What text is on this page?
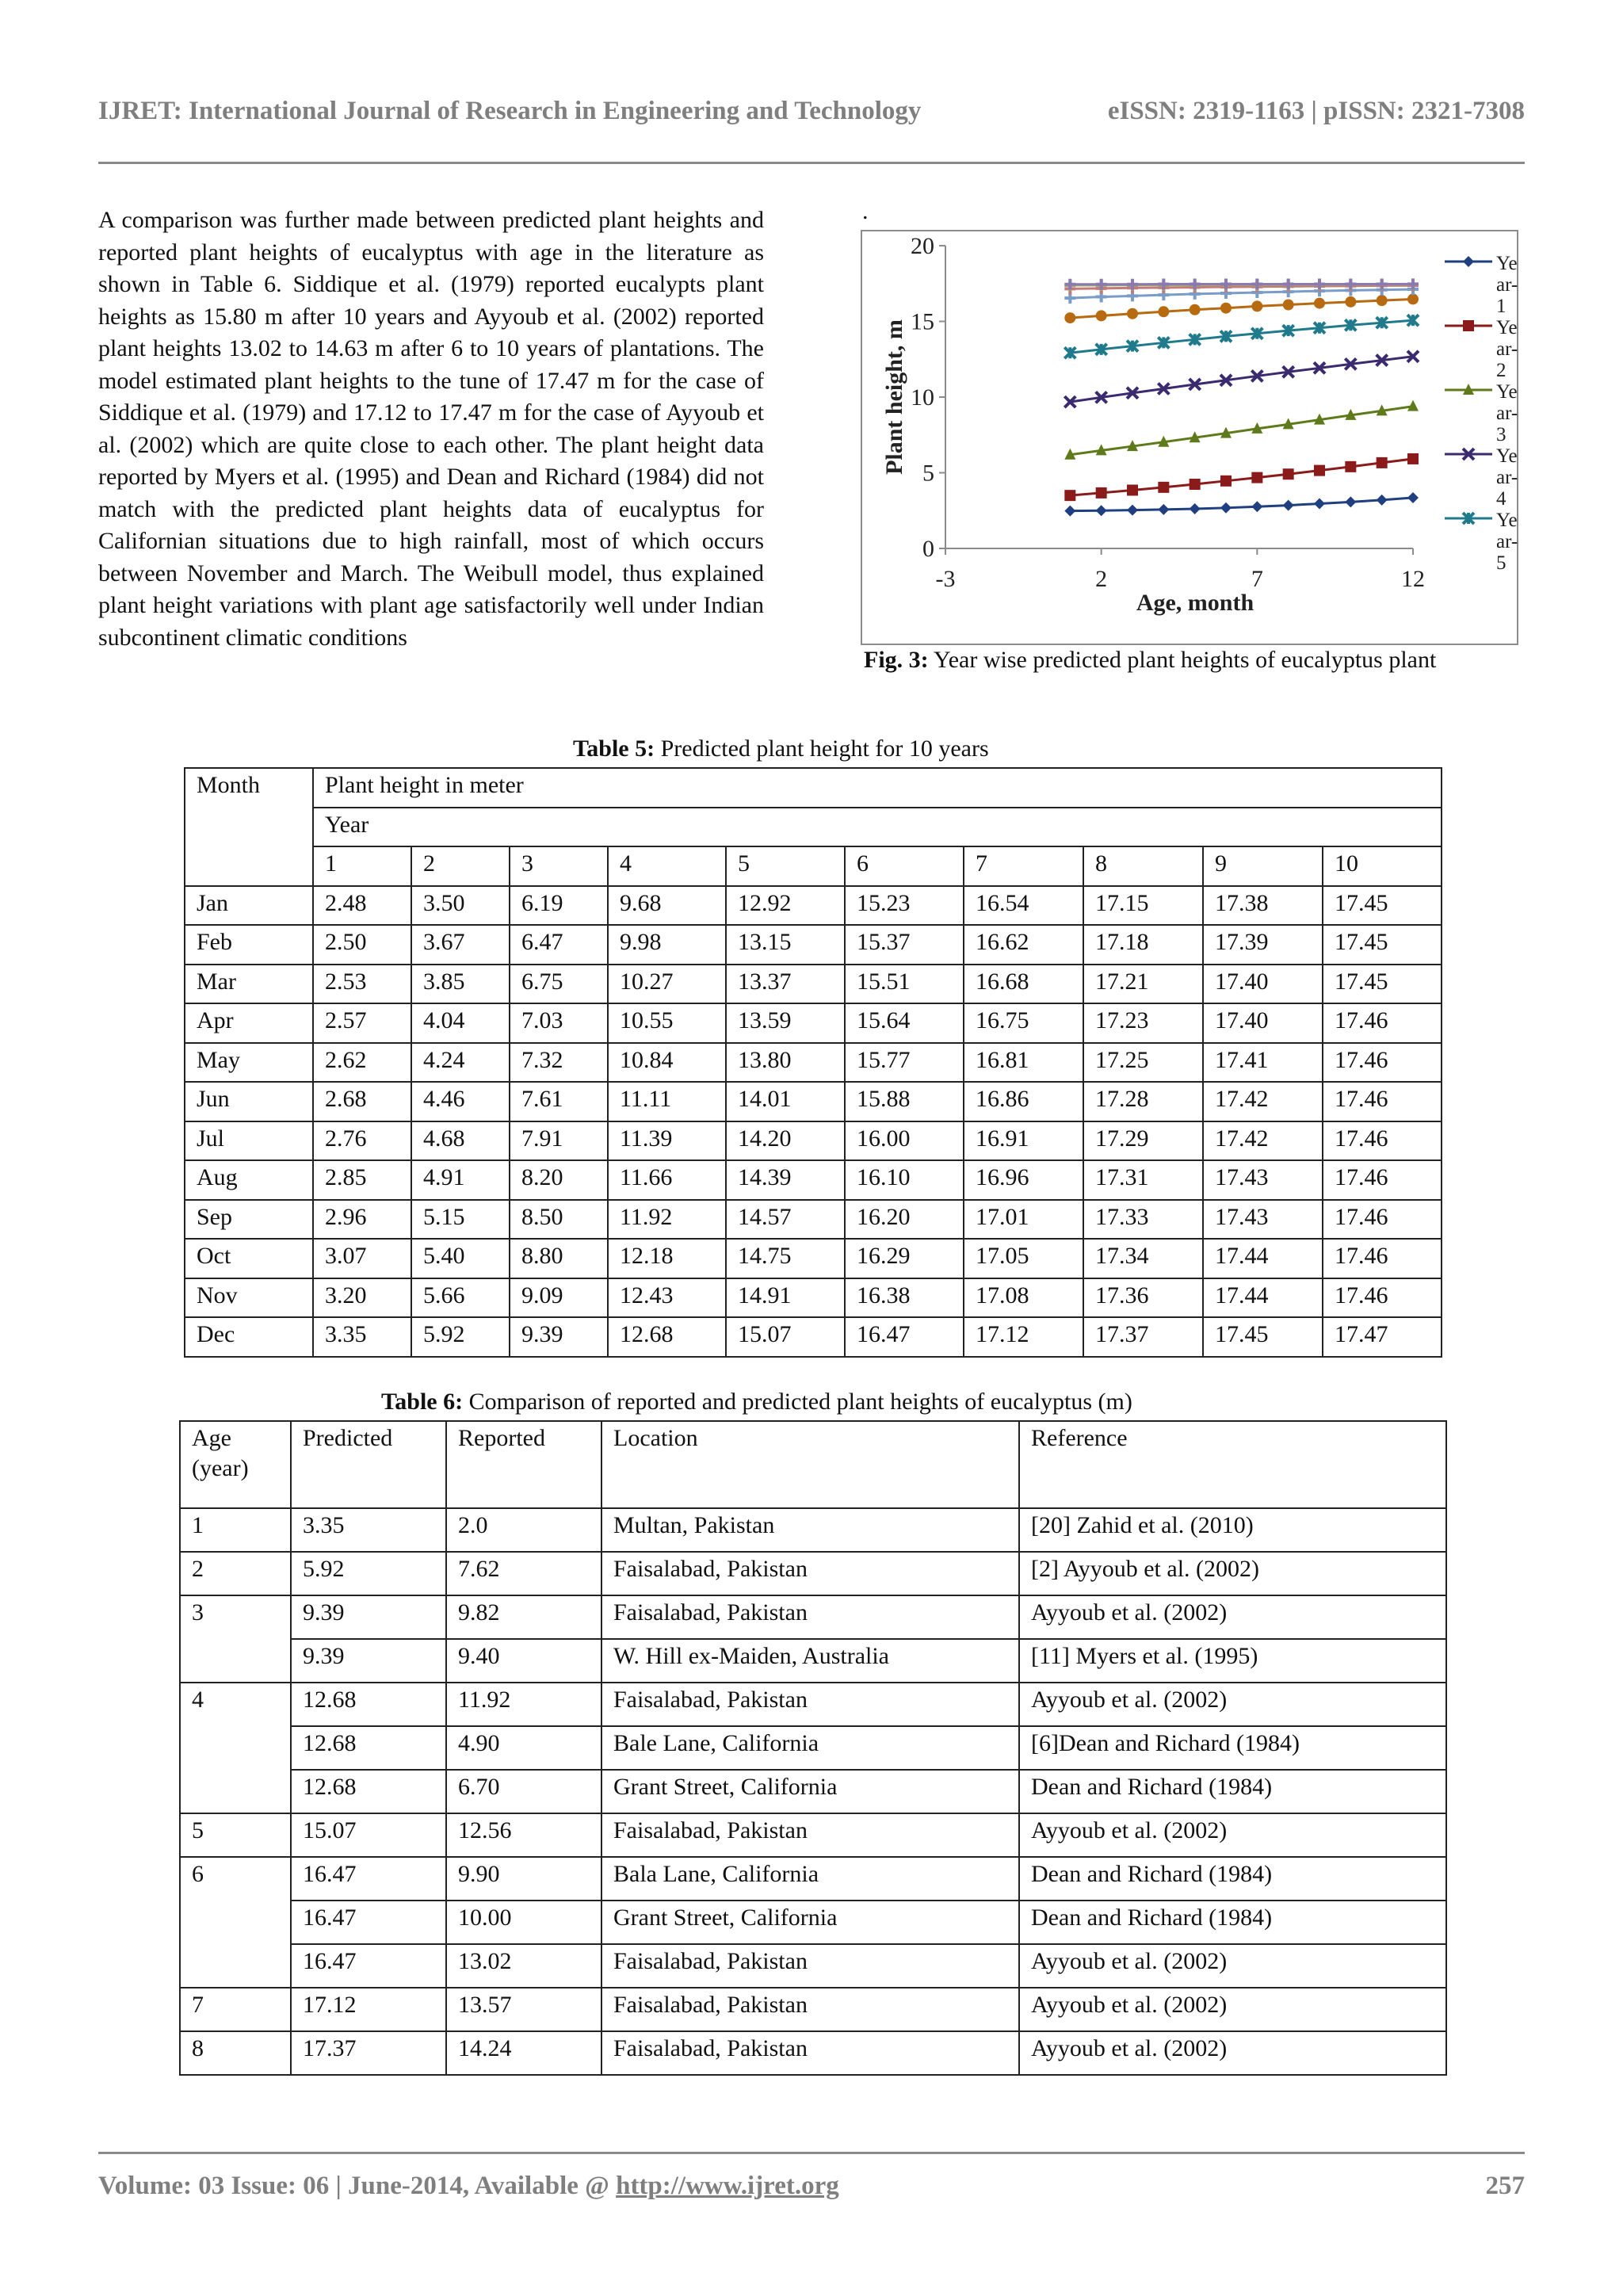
IJRET: International Journal of Research in Engineering and Technology	eISSN: 2319-1163 | pISSN: 2321-7308

A comparison was further made between predicted plant heights and reported plant heights of eucalyptus with age in the literature as shown in Table 6. Siddique et al. (1979) reported eucalypts plant heights as 15.80 m after 10 years and Ayyoub et al. (2002) reported plant heights 13.02 to 14.63 m after 6 to 10 years of plantations. The model estimated plant heights to the tune of 17.47 m for the case of Siddique et al. (1979) and 17.12 to 17.47 m for the case of Ayyoub et al. (2002) which are quite close to each other. The plant height data reported by Myers et al. (1995) and Dean and Richard (1984) did not match with the predicted plant heights data of eucalyptus for Californian situations due to high rainfall, most of which occurs between November and March. The Weibull model, thus explained plant height variations with plant age satisfactorily well under Indian subcontinent climatic conditions

.
0
5
10
15
20
-3	2	7	12
Age, month
Plant height, m
Ye
ar-
1
Ye
ar-
2
Ye
ar-
3
Ye
ar-
4
Ye
ar-
5
Fig. 3: Year wise predicted plant heights of eucalyptus plant
Table 5: Predicted plant height for 10 years
Month	Plant height in meter									
	Year									
	1	2	3	4	5	6	7	8	9	10
Jan	2.48	3.50	6.19	9.68	12.92	15.23	16.54	17.15	17.38	17.45
Feb	2.50	3.67	6.47	9.98	13.15	15.37	16.62	17.18	17.39	17.45
Mar	2.53	3.85	6.75	10.27	13.37	15.51	16.68	17.21	17.40	17.45
Apr	2.57	4.04	7.03	10.55	13.59	15.64	16.75	17.23	17.40	17.46
May	2.62	4.24	7.32	10.84	13.80	15.77	16.81	17.25	17.41	17.46
Jun	2.68	4.46	7.61	11.11	14.01	15.88	16.86	17.28	17.42	17.46
Jul	2.76	4.68	7.91	11.39	14.20	16.00	16.91	17.29	17.42	17.46
Aug	2.85	4.91	8.20	11.66	14.39	16.10	16.96	17.31	17.43	17.46
Sep	2.96	5.15	8.50	11.92	14.57	16.20	17.01	17.33	17.43	17.46
Oct	3.07	5.40	8.80	12.18	14.75	16.29	17.05	17.34	17.44	17.46
Nov	3.20	5.66	9.09	12.43	14.91	16.38	17.08	17.36	17.44	17.46
Dec	3.35	5.92	9.39	12.68	15.07	16.47	17.12	17.37	17.45	17.47
Table 6: Comparison of reported and predicted plant heights of eucalyptus (m)
Age
(year)	Predicted	Reported	Location	Reference
1	3.35	2.0	Multan, Pakistan	[20] Zahid et al. (2010)
2	5.92	7.62	Faisalabad, Pakistan	[2] Ayyoub et al. (2002)
3	9.39	9.82	Faisalabad, Pakistan	Ayyoub et al. (2002)
	9.39	9.40	W. Hill ex-Maiden, Australia	[11] Myers et al. (1995)
4	12.68	11.92	Faisalabad, Pakistan	Ayyoub et al. (2002)
	12.68	4.90	Bale Lane, California	[6]Dean and Richard (1984)
	12.68	6.70	Grant Street, California	Dean and Richard (1984)
5	15.07	12.56	Faisalabad, Pakistan	Ayyoub et al. (2002)
6	16.47	9.90	Bala Lane, California	Dean and Richard (1984)
	16.47	10.00	Grant Street, California	Dean and Richard (1984)
	16.47	13.02	Faisalabad, Pakistan	Ayyoub et al. (2002)
7	17.12	13.57	Faisalabad, Pakistan	Ayyoub et al. (2002)
8	17.37	14.24	Faisalabad, Pakistan	Ayyoub et al. (2002)
Volume: 03 Issue: 06 | June-2014, Available @ http://www.ijret.org	257
